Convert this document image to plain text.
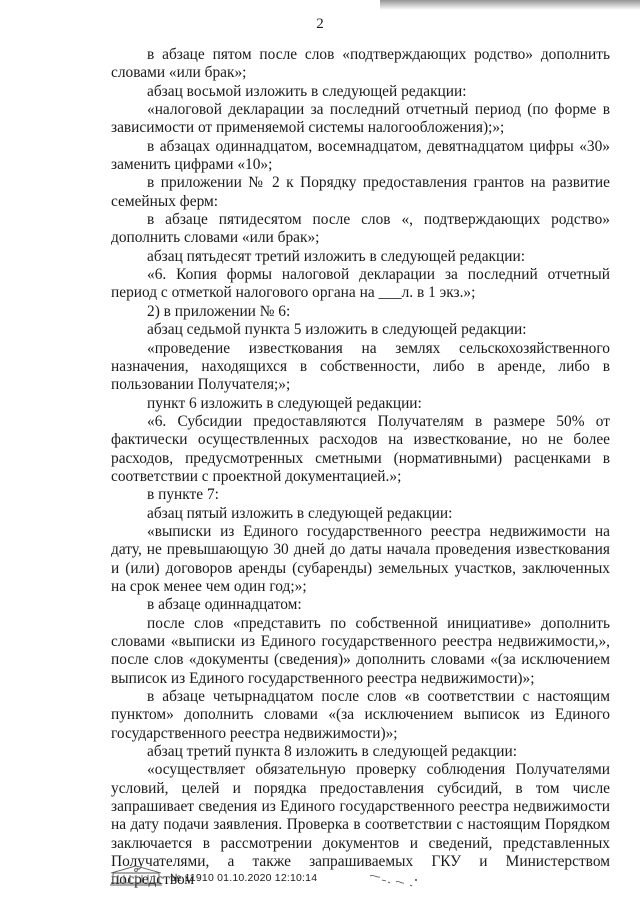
2

в абзаце пятом после слов «подтверждающих родство» дополнить словами «или брак»;

абзац восьмой изложить в следующей редакции:

«налоговой декларации за последний отчетный период (по форме в зависимости от применяемой системы налогообложения);»;

в абзацах одиннадцатом, восемнадцатом, девятнадцатом цифры «30» заменить цифрами «10»;

в приложении № 2 к Порядку предоставления грантов на развитие семейных ферм:

в абзаце пятидесятом после слов «, подтверждающих родство» дополнить словами «или брак»;

абзац пятьдесят третий изложить в следующей редакции:

«6. Копия формы налоговой декларации за последний отчетный период с отметкой налогового органа на ___л. в 1 экз.»;

2) в приложении № 6:

абзац седьмой пункта 5 изложить в следующей редакции:

«проведение известкования на землях сельскохозяйственного назначения, находящихся в собственности, либо в аренде, либо в пользовании Получателя;»;

пункт 6 изложить в следующей редакции:

«6. Субсидии предоставляются Получателям в размере 50% от фактически осуществленных расходов на известкование, но не более расходов, предусмотренных сметными (нормативными) расценками в соответствии с проектной документацией.»;

в пункте 7:

абзац пятый изложить в следующей редакции:

«выписки из Единого государственного реестра недвижимости на дату, не превышающую 30 дней до даты начала проведения известкования и (или) договоров аренды (субаренды) земельных участков, заключенных на срок менее чем один год;»;

в абзаце одиннадцатом:

после слов «представить по собственной инициативе» дополнить словами «выписки из Единого государственного реестра недвижимости,», после слов «документы (сведения)» дополнить словами «(за исключением выписок из Единого государственного реестра недвижимости)»;

в абзаце четырнадцатом после слов «в соответствии с настоящим пунктом» дополнить словами «(за исключением выписок из Единого государственного реестра недвижимости)»;

абзац третий пункта 8 изложить в следующей редакции:

«осуществляет обязательную проверку соблюдения Получателями условий, целей и порядка предоставления субсидий, в том числе запрашивает сведения из Единого государственного реестра недвижимости на дату подачи заявления. Проверка в соответствии с настоящим Порядком заключается в рассмотрении документов и сведений, представленных Получателями, а также запрашиваемых ГКУ и Министерством посредством

№ 11910 01.10.2020 12:10:14
